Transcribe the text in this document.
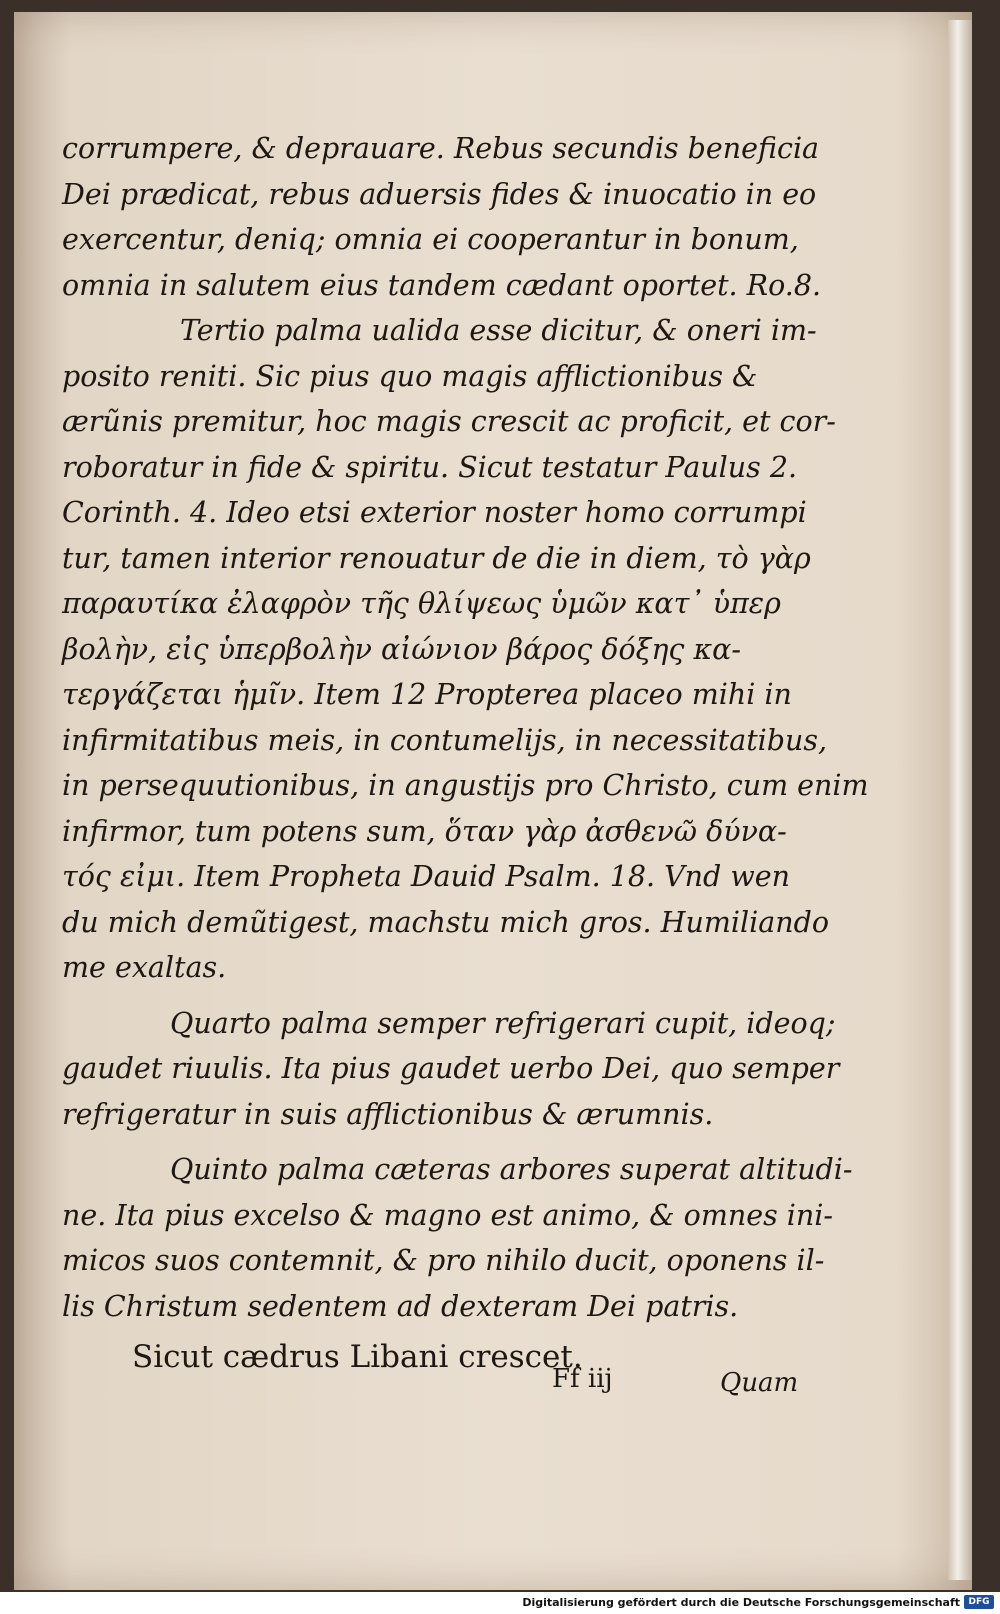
corrumpere, & deprauare. Rebus secundis beneficia
Dei prædicat, rebus aduersis fides & inuocatio in eo
exercentur, deniq; omnia ei cooperantur in bonum,
omnia in salutem eius tandem cædant oportet. Ro.8.
Tertio palma ualida esse dicitur, & oneri im-
posito reniti. Sic pius quo magis afflictionibus &
ærũnis premitur, hoc magis crescit ac proficit, et cor-
roboratur in fide & spiritu. Sicut testatur Paulus 2.
Corinth. 4. Ideo etsi exterior noster homo corrumpi
tur, tamen interior renouatur de die in diem, τὸ γὰρ
παραυτίκα ἐλαφρὸν τῆς θλίψεως ὑμῶν κατ᾽ ὑπερ
βολὴν, εἰς ὑπερβολὴν αἰώνιον βάρος δόξης κα-
τεργάζεται ἡμῖν. Item 12 Propterea placeo mihi in
infirmitatibus meis, in contumelijs, in necessitatibus,
in persequutionibus, in angustijs pro Christo, cum enim
infirmor, tum potens sum, ὅταν γὰρ ἀσθενῶ δύνα-
τός εἰμι. Item Propheta Dauid Psalm. 18. Vnd wen
du mich demũtigest, machstu mich gros. Humiliando
me exaltas.
Quarto palma semper refrigerari cupit, ideoq;
gaudet riuulis. Ita pius gaudet uerbo Dei, quo semper
refrigeratur in suis afflictionibus & ærumnis.
Quinto palma cæteras arbores superat altitudi-
ne. Ita pius excelso & magno est animo, & omnes ini-
micos suos contemnit, & pro nihilo ducit, oponens il-
lis Christum sedentem ad dexteram Dei patris.
Sicut cædrus Libani crescet.
Ff iij	Quam
Digitalisierung gefördert durch die Deutsche Forschungsgemeinschaft DFG
